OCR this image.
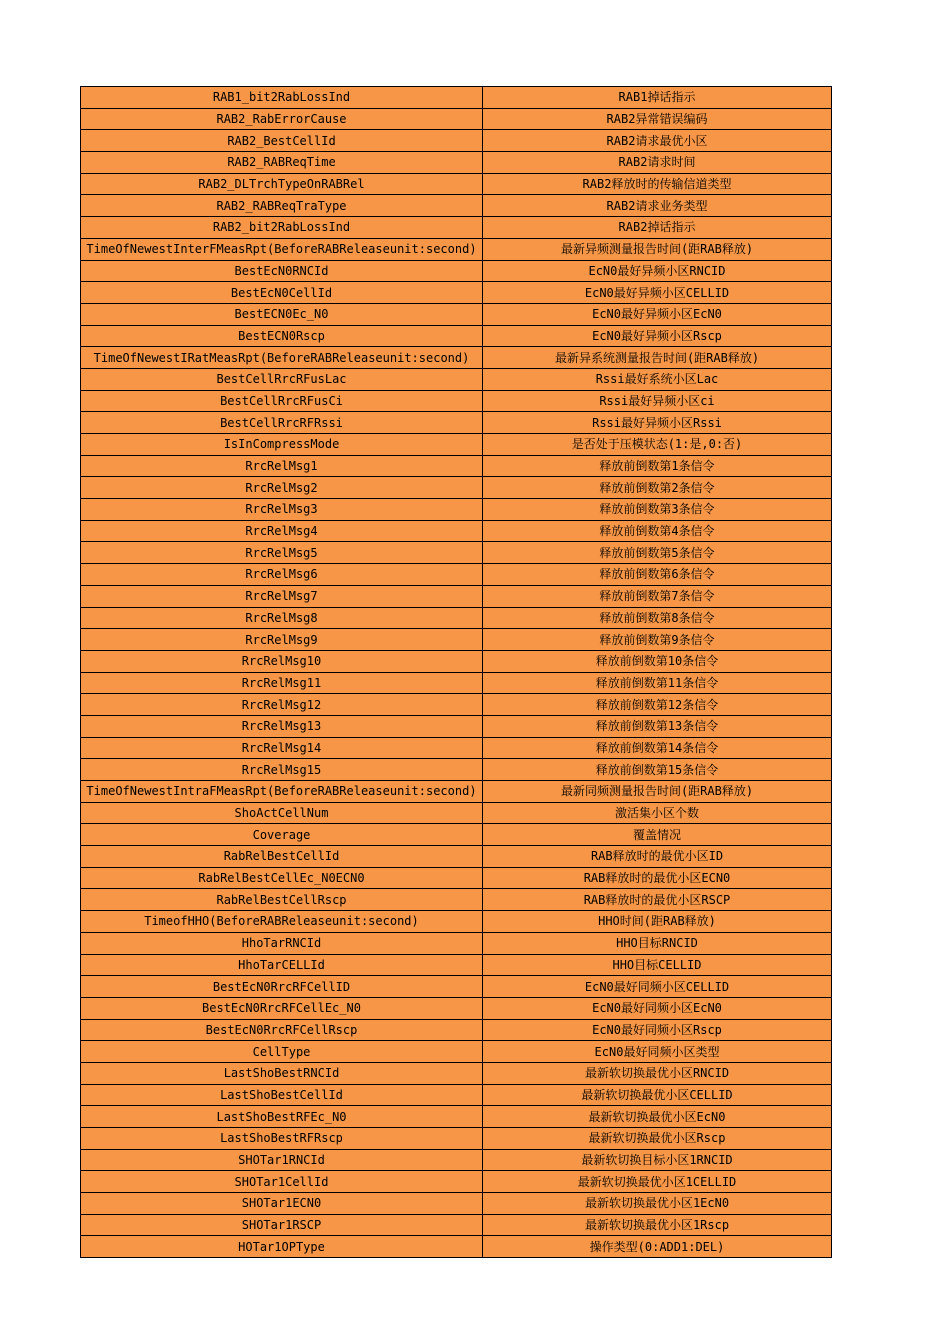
RAB1_bit2RabLossInd	RAB1掉话指示
RAB2_RabErrorCause	RAB2异常错误编码
RAB2_BestCellId	RAB2请求最优小区
RAB2_RABReqTime	RAB2请求时间
RAB2_DLTrchTypeOnRABRel	RAB2释放时的传输信道类型
RAB2_RABReqTraType	RAB2请求业务类型
RAB2_bit2RabLossInd	RAB2掉话指示
TimeOfNewestInterFMeasRpt(BeforeRABReleaseunit:second)	最新异频测量报告时间(距RAB释放)
BestEcN0RNCId	EcN0最好异频小区RNCID
BestEcN0CellId	EcN0最好异频小区CELLID
BestECN0Ec_N0	EcN0最好异频小区EcN0
BestECN0Rscp	EcN0最好异频小区Rscp
TimeOfNewestIRatMeasRpt(BeforeRABReleaseunit:second)	最新异系统测量报告时间(距RAB释放)
BestCellRrcRFusLac	Rssi最好系统小区Lac
BestCellRrcRFusCi	Rssi最好异频小区ci
BestCellRrcRFRssi	Rssi最好异频小区Rssi
IsInCompressMode	是否处于压模状态(1:是,0:否)
RrcRelMsg1	释放前倒数第1条信令
RrcRelMsg2	释放前倒数第2条信令
RrcRelMsg3	释放前倒数第3条信令
RrcRelMsg4	释放前倒数第4条信令
RrcRelMsg5	释放前倒数第5条信令
RrcRelMsg6	释放前倒数第6条信令
RrcRelMsg7	释放前倒数第7条信令
RrcRelMsg8	释放前倒数第8条信令
RrcRelMsg9	释放前倒数第9条信令
RrcRelMsg10	释放前倒数第10条信令
RrcRelMsg11	释放前倒数第11条信令
RrcRelMsg12	释放前倒数第12条信令
RrcRelMsg13	释放前倒数第13条信令
RrcRelMsg14	释放前倒数第14条信令
RrcRelMsg15	释放前倒数第15条信令
TimeOfNewestIntraFMeasRpt(BeforeRABReleaseunit:second)	最新同频测量报告时间(距RAB释放)
ShoActCellNum	激活集小区个数
Coverage	覆盖情况
RabRelBestCellId	RAB释放时的最优小区ID
RabRelBestCellEc_N0ECN0	RAB释放时的最优小区ECN0
RabRelBestCellRscp	RAB释放时的最优小区RSCP
TimeofHHO(BeforeRABReleaseunit:second)	HHO时间(距RAB释放)
HhoTarRNCId	HHO目标RNCID
HhoTarCELLId	HHO目标CELLID
BestEcN0RrcRFCellID	EcN0最好同频小区CELLID
BestEcN0RrcRFCellEc_N0	EcN0最好同频小区EcN0
BestEcN0RrcRFCellRscp	EcN0最好同频小区Rscp
CellType	EcN0最好同频小区类型
LastShoBestRNCId	最新软切换最优小区RNCID
LastShoBestCellId	最新软切换最优小区CELLID
LastShoBestRFEc_N0	最新软切换最优小区EcN0
LastShoBestRFRscp	最新软切换最优小区Rscp
SHOTar1RNCId	最新软切换目标小区1RNCID
SHOTar1CellId	最新软切换最优小区1CELLID
SHOTar1ECN0	最新软切换最优小区1EcN0
SHOTar1RSCP	最新软切换最优小区1Rscp
HOTar1OPType	操作类型(0:ADD1:DEL)
